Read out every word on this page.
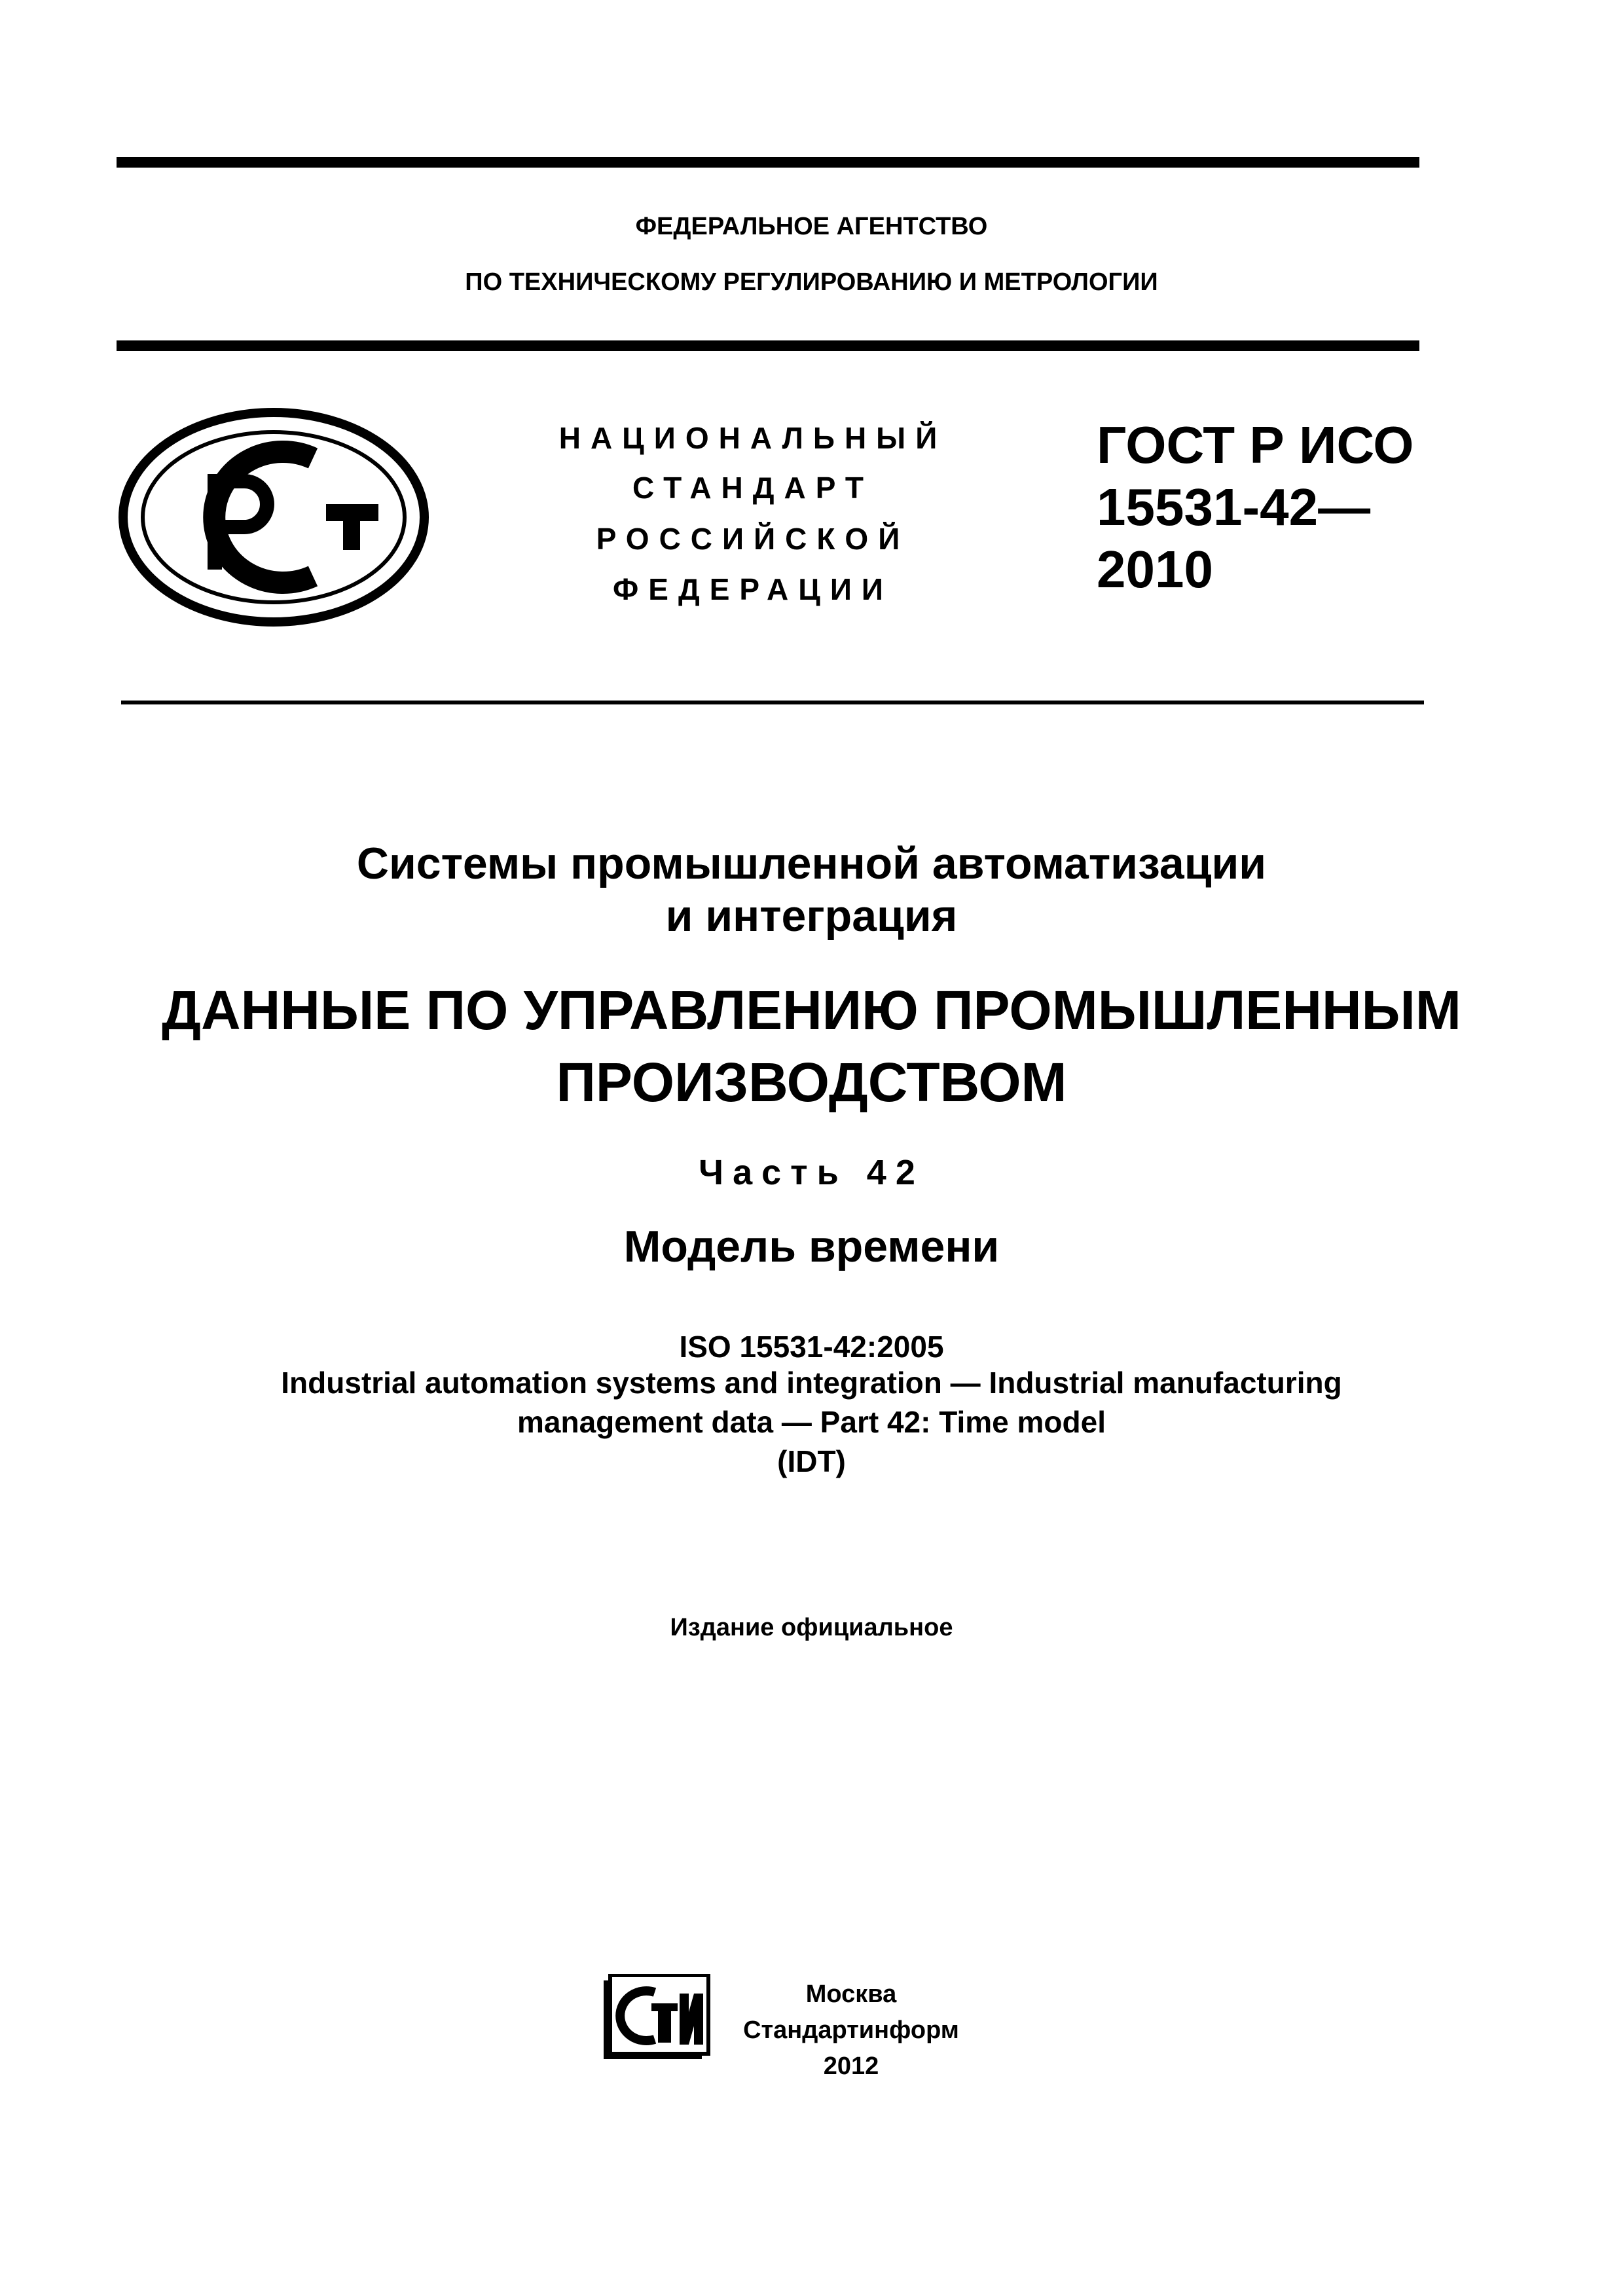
ФЕДЕРАЛЬНОЕ АГЕНТСТВО
ПО ТЕХНИЧЕСКОМУ РЕГУЛИРОВАНИЮ И МЕТРОЛОГИИ
НАЦИОНАЛЬНЫЙ
СТАНДАРТ
РОССИЙСКОЙ
ФЕДЕРАЦИИ
ГОСТ Р ИСО
15531-42—
2010
Системы промышленной автоматизации
и интеграция
ДАННЫЕ ПО УПРАВЛЕНИЮ ПРОМЫШЛЕННЫМ
ПРОИЗВОДСТВОМ
Часть 42
Модель времени
ISO 15531-42:2005
Industrial automation systems and integration — Industrial manufacturing
management data — Part 42: Time model
(IDT)
Издание официальное
Москва
Стандартинформ
2012
